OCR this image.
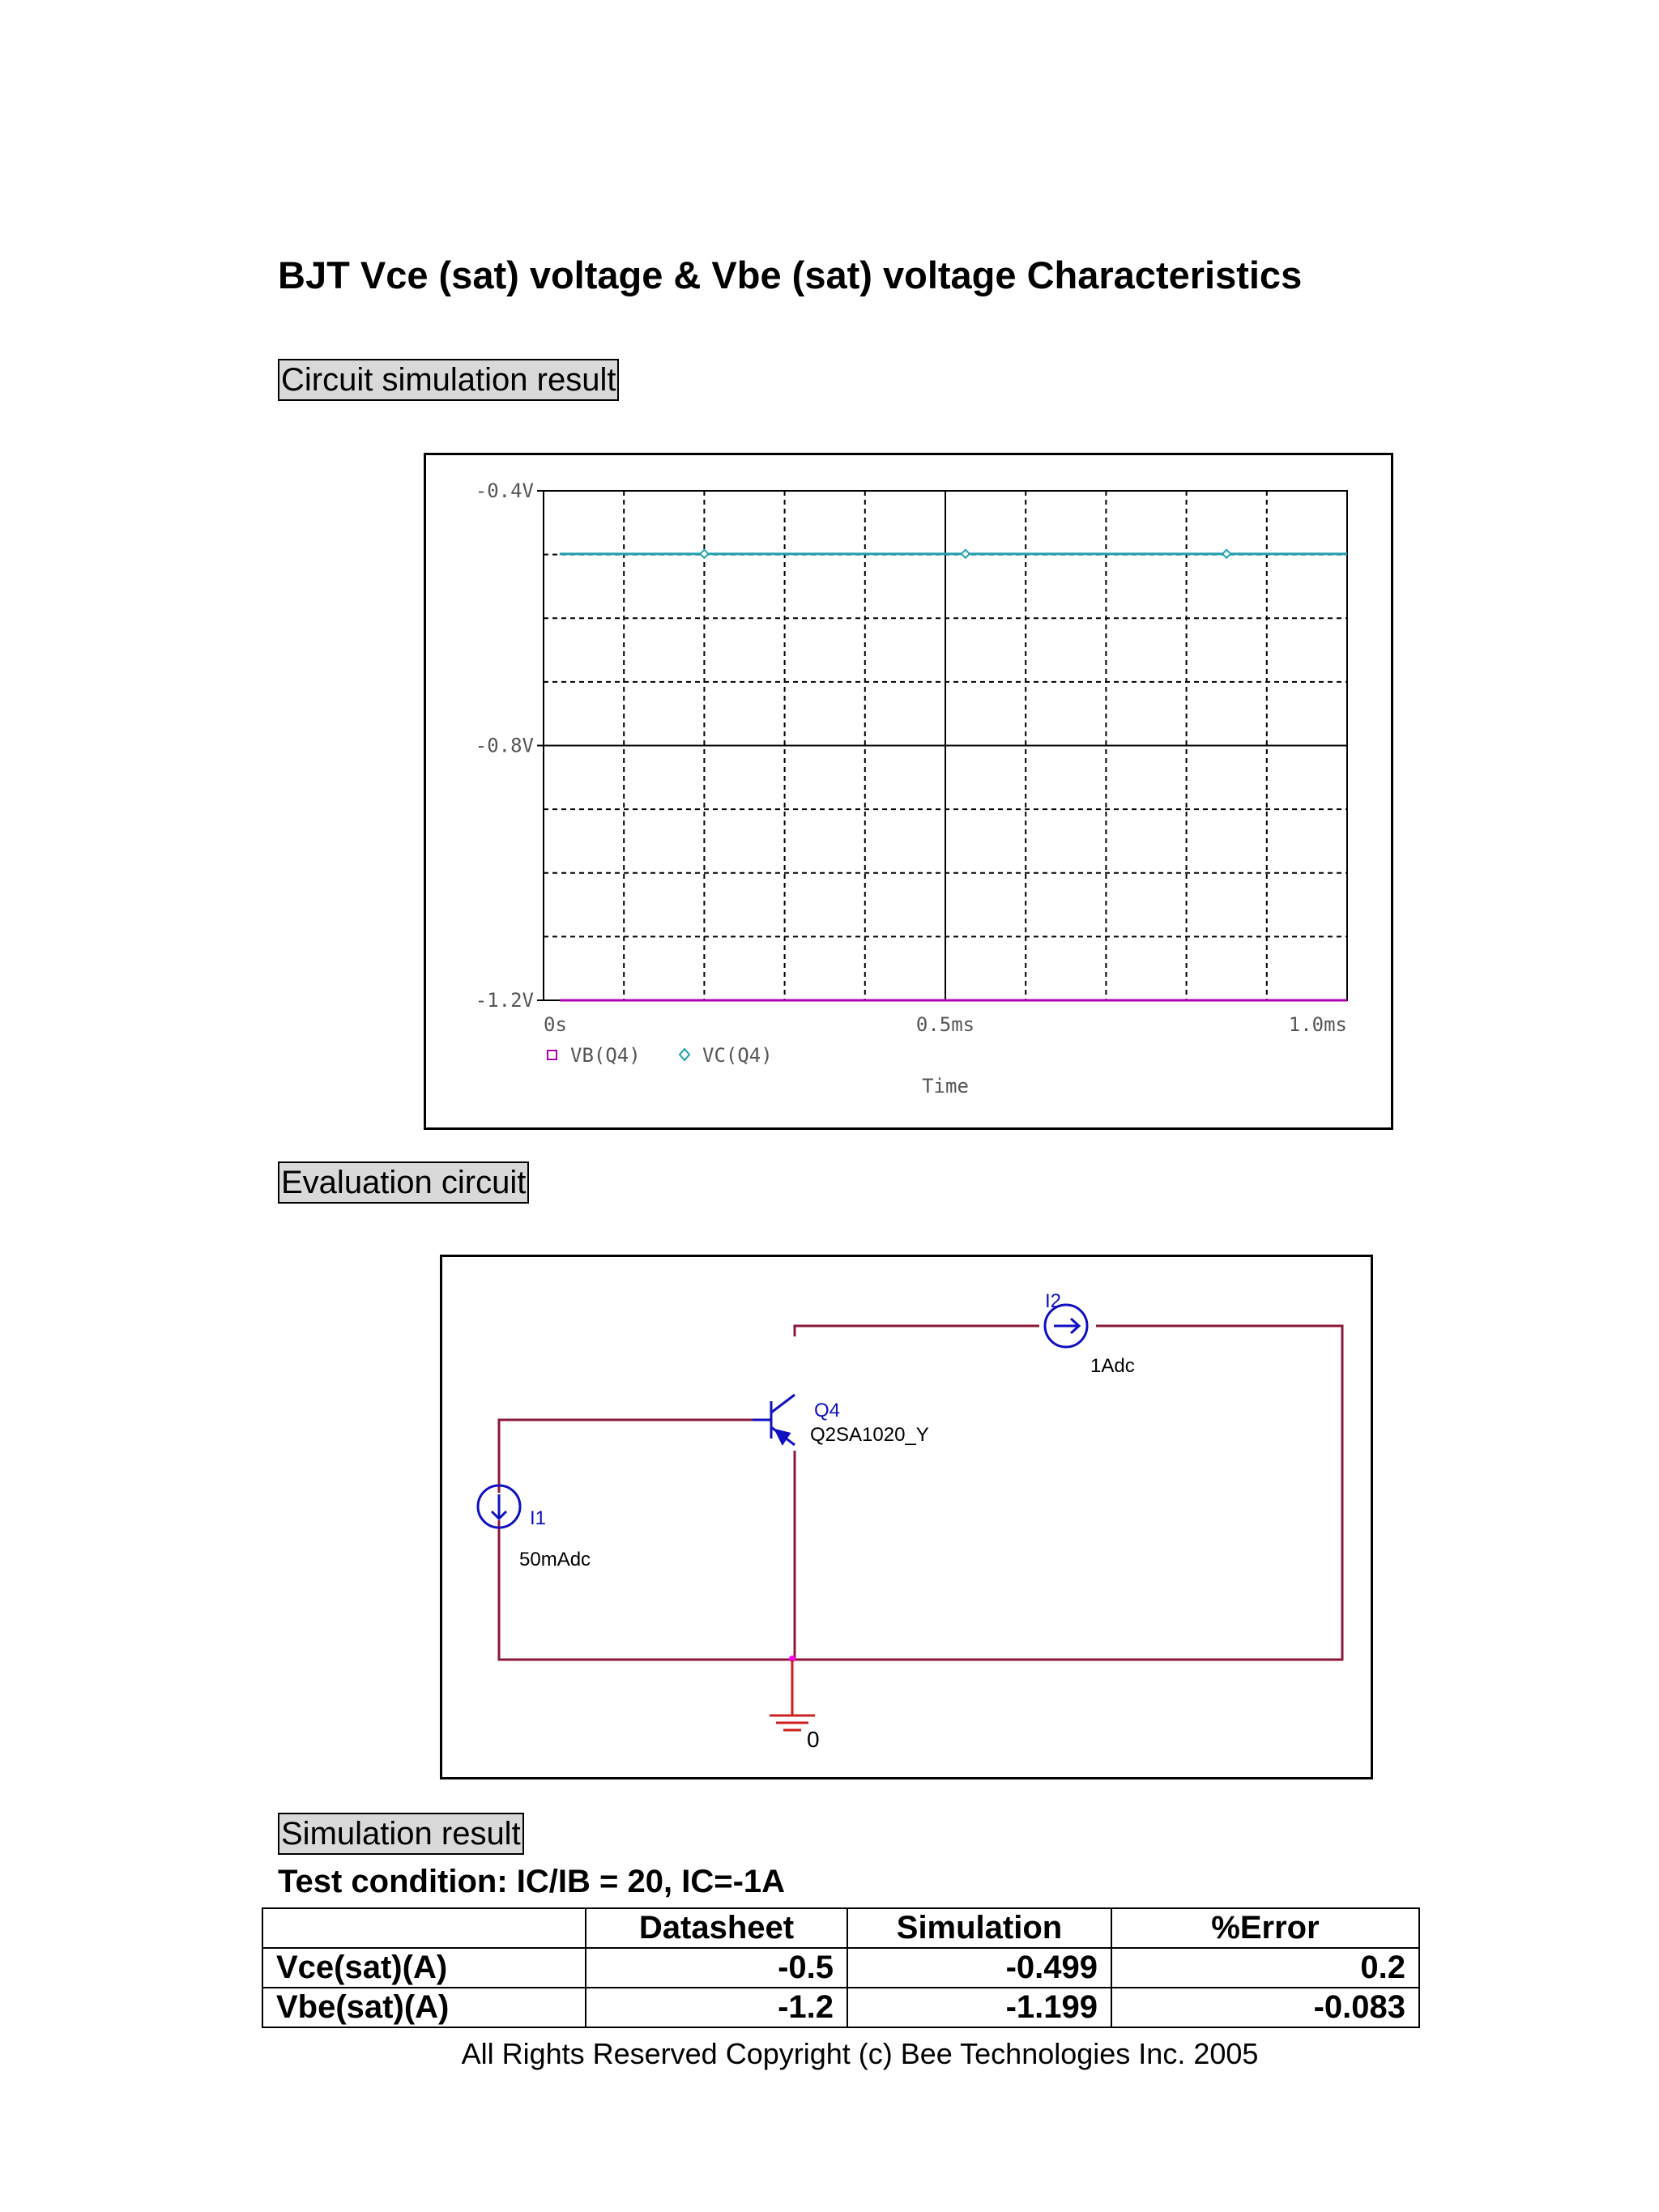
BJT Vce (sat) voltage & Vbe (sat) voltage Characteristics
Circuit simulation result
-0.4V
-0.8V
-1.2V
0s	0.5ms	1.0ms
VB(Q4)	VC(Q4)
Time
Evaluation circuit
Q4
Q2SA1020_Y
I2
1Adc
I1
50mAdc
0
Simulation result
Test condition: IC/IB = 20, IC=-1A
	Datasheet	Simulation	%Error
Vce(sat)(A)	-0.5	-0.499	0.2
Vbe(sat)(A)	-1.2	-1.199	-0.083
All Rights Reserved Copyright (c) Bee Technologies Inc. 2005
